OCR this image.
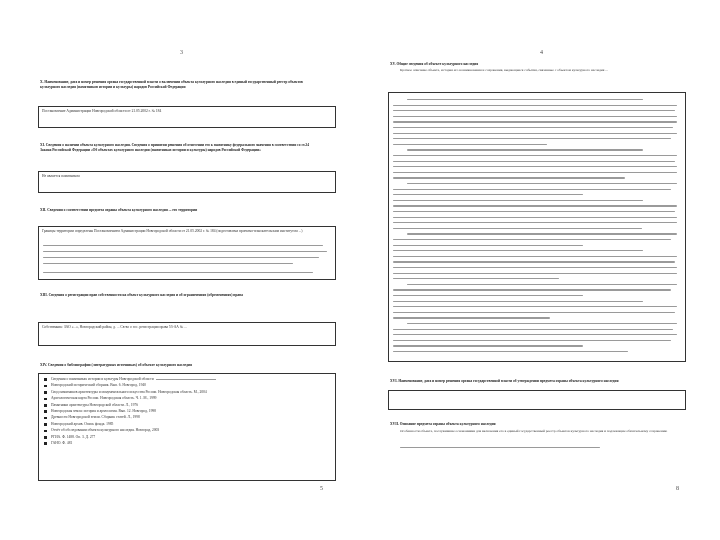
3
X. Наименование, дата и номер решения органа государственной власти о включении объекта культурного наследия в единый государственный реестр объектов культурного наследия (памятников истории и культуры) народов Российской Федерации
Постановление Администрации Новгородской области от 21.05.2002 г. № 184
XI. Сведения о наличии объекта культурного наследия. Сведения о принятии решения об отнесении его к памятнику федерального значения в соответствии со ст.24 Закона Российской Федерации «Об объектах культурного наследия (памятниках истории и культуры) народов Российской Федерации»
Не является памятником
XII. Сведения о соответствии предмета охраны объекта культурного наследия ... его территории
Границы территории определены Постановлением Администрации Новгородской области от 21.05.2002 г. № 184 (подготовлена проектно-изыскательским институтом ...)
XIII. Сведения о регистрации прав собственности на объект культурного наследия и об ограничениях (обременениях) права
Собственник: ЗАО «...», Новгородский район, д. ... Св-во о гос. регистрации права 53-АА № ...
XIV. Сведения о библиографии (литературных источниках) об объекте культурного наследия
Сведения о памятниках истории и культуры Новгородской области
Новгородский исторический сборник. Вып. 6. Новгород, 1940
Свод памятников архитектуры и монументального искусства России. Новгородская область. М., 2004
Археологическая карта России. Новгородская область. Ч. 1. М., 1999
Памятники архитектуры Новгородской области. Л., 1976
Новгородская земля: история и археология. Вып. 12. Новгород, 1998
Древности Новгородской земли. Сборник статей. Л., 1998
Новгородский архив. Опись фонда. 1985
Отчёт об обследовании объекта культурного наследия. Новгород, 2003
РГИА. Ф. 1488. Оп. 3. Д. 277
ГАНО. Ф. 481
5
4
XV. Общие сведения об объекте культурного наследия
Краткое описание объекта, история его возникновения и сохранения, выдающиеся события, связанные с объектом культурного наследия ...
XVI. Наименование, дата и номер решения органа государственной власти об утверждении предмета охраны объекта культурного наследия
XVII. Описание предмета охраны объекта культурного наследия
Особенности объекта, послужившие основаниями для включения его в единый государственный реестр объектов культурного наследия и подлежащие обязательному сохранению
8
